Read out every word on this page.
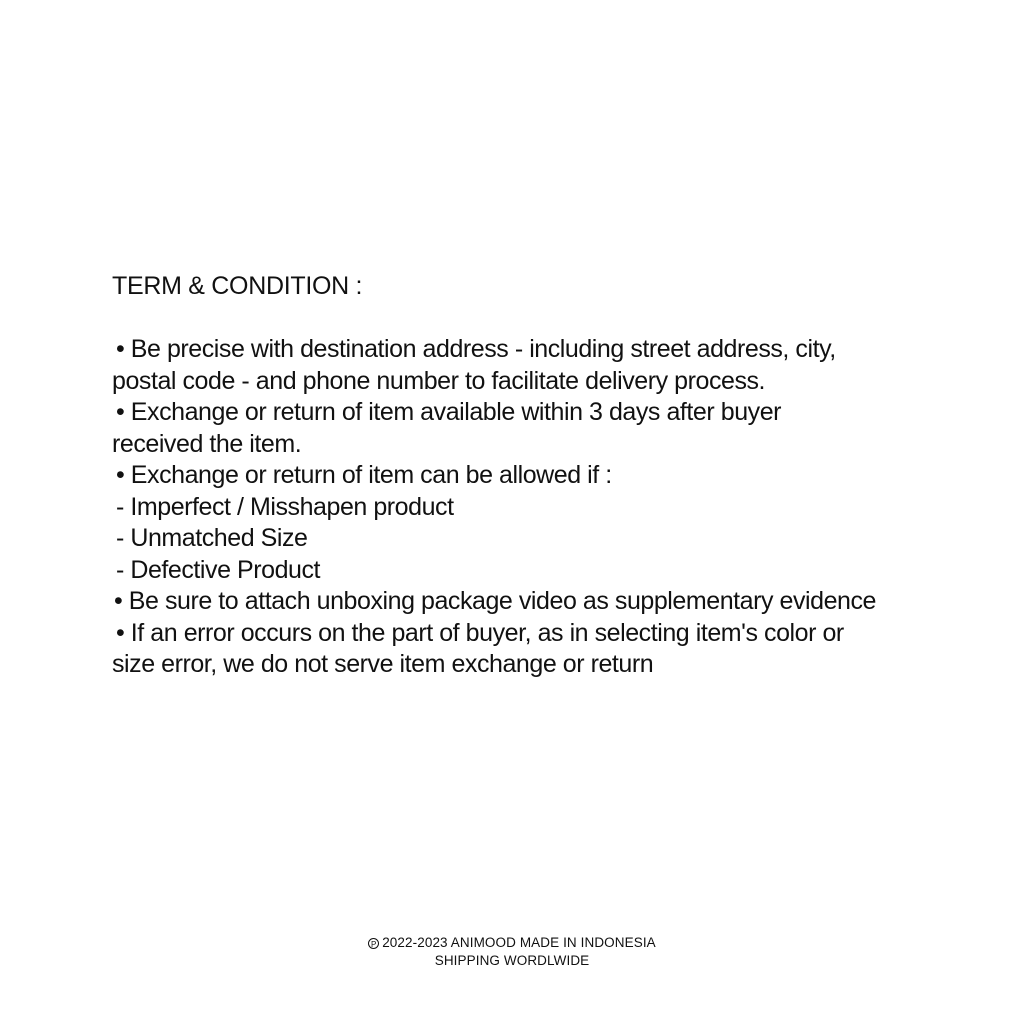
TERM & CONDITION :

• Be precise with destination address - including street address, city,

postal code - and phone number to facilitate delivery process.

• Exchange or return of item available within 3 days after buyer

received the item.

• Exchange or return of item can be allowed if :

- Imperfect / Misshapen product

- Unmatched Size

- Defective Product

• Be sure to attach unboxing package video as supplementary evidence

• If an error occurs on the part of buyer, as in selecting item's color or

size error, we do not serve item exchange or return

P 2022-2023 ANIMOOD MADE IN INDONESIA

SHIPPING WORDLWIDE
